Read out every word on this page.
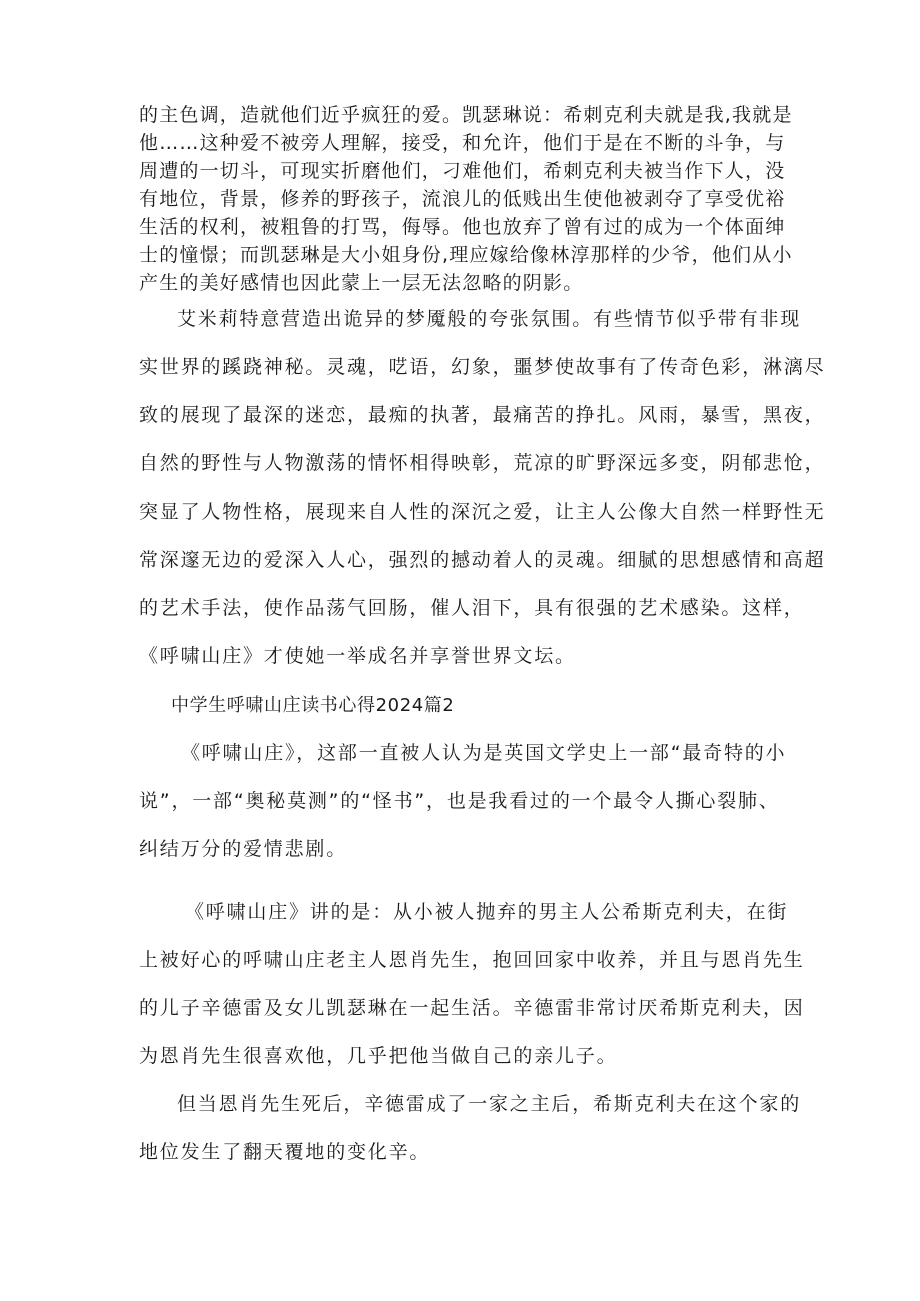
的主色调，造就他们近乎疯狂的爱。凯瑟琳说：希刺克利夫就是我,我就是
他……这种爱不被旁人理解，接受，和允许，他们于是在不断的斗争，与
周遭的一切斗，可现实折磨他们，刁难他们，希刺克利夫被当作下人，没
有地位，背景，修养的野孩子，流浪儿的低贱出生使他被剥夺了享受优裕
生活的权利，被粗鲁的打骂，侮辱。他也放弃了曾有过的成为一个体面绅
士的憧憬；而凯瑟琳是大小姐身份,理应嫁给像林淳那样的少爷，他们从小
产生的美好感情也因此蒙上一层无法忽略的阴影。
艾米莉特意营造出诡异的梦魇般的夸张氛围。有些情节似乎带有非现
实世界的蹊跷神秘。灵魂，呓语，幻象，噩梦使故事有了传奇色彩，淋漓尽
致的展现了最深的迷恋，最痴的执著，最痛苦的挣扎。风雨，暴雪，黑夜，
自然的野性与人物激荡的情怀相得映彰，荒凉的旷野深远多变，阴郁悲怆，
突显了人物性格，展现来自人性的深沉之爱，让主人公像大自然一样野性无
常深邃无边的爱深入人心，强烈的撼动着人的灵魂。细腻的思想感情和高超
的艺术手法，使作品荡气回肠，催人泪下，具有很强的艺术感染。这样，
《呼啸山庄》才使她一举成名并享誉世界文坛。
中学生呼啸山庄读书心得2024篇2
《呼啸山庄》，这部一直被人认为是英国文学史上一部“最奇特的小
说”，一部“奥秘莫测”的“怪书”，也是我看过的一个最令人撕心裂肺、
纠结万分的爱情悲剧。
《呼啸山庄》讲的是：从小被人抛弃的男主人公希斯克利夫，在街
上被好心的呼啸山庄老主人恩肖先生，抱回回家中收养，并且与恩肖先生
的儿子辛德雷及女儿凯瑟琳在一起生活。辛德雷非常讨厌希斯克利夫，因
为恩肖先生很喜欢他，几乎把他当做自己的亲儿子。
但当恩肖先生死后，辛德雷成了一家之主后，希斯克利夫在这个家的
地位发生了翻天覆地的变化辛。
